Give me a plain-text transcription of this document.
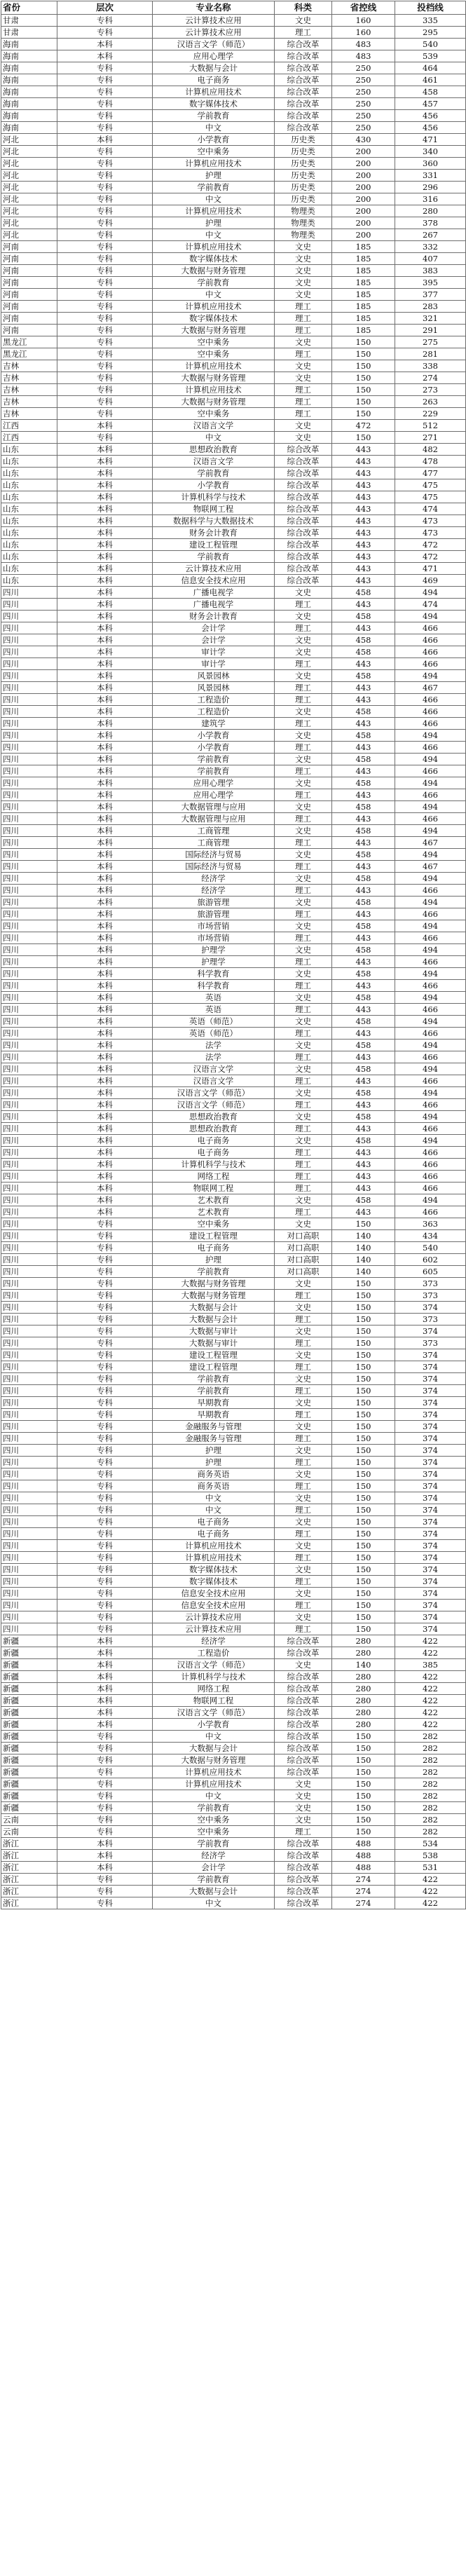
省份	层次	专业名称	科类	省控线	投档线
甘肃	专科	云计算技术应用	文史	160	335
甘肃	专科	云计算技术应用	理工	160	295
海南	本科	汉语言文学（师范）	综合改革	483	540
海南	本科	应用心理学	综合改革	483	539
海南	专科	大数据与会计	综合改革	250	464
海南	专科	电子商务	综合改革	250	461
海南	专科	计算机应用技术	综合改革	250	458
海南	专科	数字媒体技术	综合改革	250	457
海南	专科	学前教育	综合改革	250	456
海南	专科	中文	综合改革	250	456
河北	本科	小学教育	历史类	430	471
河北	专科	空中乘务	历史类	200	340
河北	专科	计算机应用技术	历史类	200	360
河北	专科	护理	历史类	200	331
河北	专科	学前教育	历史类	200	296
河北	专科	中文	历史类	200	316
河北	专科	计算机应用技术	物理类	200	280
河北	专科	护理	物理类	200	378
河北	专科	中文	物理类	200	267
河南	专科	计算机应用技术	文史	185	332
河南	专科	数字媒体技术	文史	185	407
河南	专科	大数据与财务管理	文史	185	383
河南	专科	学前教育	文史	185	395
河南	专科	中文	文史	185	377
河南	专科	计算机应用技术	理工	185	283
河南	专科	数字媒体技术	理工	185	321
河南	专科	大数据与财务管理	理工	185	291
黑龙江	专科	空中乘务	文史	150	275
黑龙江	专科	空中乘务	理工	150	281
吉林	专科	计算机应用技术	文史	150	338
吉林	专科	大数据与财务管理	文史	150	274
吉林	专科	计算机应用技术	理工	150	273
吉林	专科	大数据与财务管理	理工	150	263
吉林	专科	空中乘务	理工	150	229
江西	本科	汉语言文学	文史	472	512
江西	专科	中文	文史	150	271
山东	本科	思想政治教育	综合改革	443	482
山东	本科	汉语言文学	综合改革	443	478
山东	本科	学前教育	综合改革	443	477
山东	本科	小学教育	综合改革	443	475
山东	本科	计算机科学与技术	综合改革	443	475
山东	本科	物联网工程	综合改革	443	474
山东	本科	数据科学与大数据技术	综合改革	443	473
山东	本科	财务会计教育	综合改革	443	473
山东	本科	建设工程管理	综合改革	443	472
山东	本科	学前教育	综合改革	443	472
山东	本科	云计算技术应用	综合改革	443	471
山东	本科	信息安全技术应用	综合改革	443	469
四川	本科	广播电视学	文史	458	494
四川	本科	广播电视学	理工	443	474
四川	本科	财务会计教育	文史	458	494
四川	本科	会计学	理工	443	466
四川	本科	会计学	文史	458	466
四川	本科	审计学	文史	458	466
四川	本科	审计学	理工	443	466
四川	本科	风景园林	文史	458	494
四川	本科	风景园林	理工	443	467
四川	本科	工程造价	理工	443	466
四川	本科	工程造价	文史	458	466
四川	本科	建筑学	理工	443	466
四川	本科	小学教育	文史	458	494
四川	本科	小学教育	理工	443	466
四川	本科	学前教育	文史	458	494
四川	本科	学前教育	理工	443	466
四川	本科	应用心理学	文史	458	494
四川	本科	应用心理学	理工	443	466
四川	本科	大数据管理与应用	文史	458	494
四川	本科	大数据管理与应用	理工	443	466
四川	本科	工商管理	文史	458	494
四川	本科	工商管理	理工	443	467
四川	本科	国际经济与贸易	文史	458	494
四川	本科	国际经济与贸易	理工	443	467
四川	本科	经济学	文史	458	494
四川	本科	经济学	理工	443	466
四川	本科	旅游管理	文史	458	494
四川	本科	旅游管理	理工	443	466
四川	本科	市场营销	文史	458	494
四川	本科	市场营销	理工	443	466
四川	本科	护理学	文史	458	494
四川	本科	护理学	理工	443	466
四川	本科	科学教育	文史	458	494
四川	本科	科学教育	理工	443	466
四川	本科	英语	文史	458	494
四川	本科	英语	理工	443	466
四川	本科	英语（师范）	文史	458	494
四川	本科	英语（师范）	理工	443	466
四川	本科	法学	文史	458	494
四川	本科	法学	理工	443	466
四川	本科	汉语言文学	文史	458	494
四川	本科	汉语言文学	理工	443	466
四川	本科	汉语言文学（师范）	文史	458	494
四川	本科	汉语言文学（师范）	理工	443	466
四川	本科	思想政治教育	文史	458	494
四川	本科	思想政治教育	理工	443	466
四川	本科	电子商务	文史	458	494
四川	本科	电子商务	理工	443	466
四川	本科	计算机科学与技术	理工	443	466
四川	本科	网络工程	理工	443	466
四川	本科	物联网工程	理工	443	466
四川	本科	艺术教育	文史	458	494
四川	本科	艺术教育	理工	443	466
四川	专科	空中乘务	文史	150	363
四川	专科	建设工程管理	对口高职	140	434
四川	专科	电子商务	对口高职	140	540
四川	专科	护理	对口高职	140	602
四川	专科	学前教育	对口高职	140	605
四川	专科	大数据与财务管理	文史	150	373
四川	专科	大数据与财务管理	理工	150	373
四川	专科	大数据与会计	文史	150	374
四川	专科	大数据与会计	理工	150	373
四川	专科	大数据与审计	文史	150	374
四川	专科	大数据与审计	理工	150	373
四川	专科	建设工程管理	文史	150	374
四川	专科	建设工程管理	理工	150	374
四川	专科	学前教育	文史	150	374
四川	专科	学前教育	理工	150	374
四川	专科	早期教育	文史	150	374
四川	专科	早期教育	理工	150	374
四川	专科	金融服务与管理	文史	150	374
四川	专科	金融服务与管理	理工	150	374
四川	专科	护理	文史	150	374
四川	专科	护理	理工	150	374
四川	专科	商务英语	文史	150	374
四川	专科	商务英语	理工	150	374
四川	专科	中文	文史	150	374
四川	专科	中文	理工	150	374
四川	专科	电子商务	文史	150	374
四川	专科	电子商务	理工	150	374
四川	专科	计算机应用技术	文史	150	374
四川	专科	计算机应用技术	理工	150	374
四川	专科	数字媒体技术	文史	150	374
四川	专科	数字媒体技术	理工	150	374
四川	专科	信息安全技术应用	文史	150	374
四川	专科	信息安全技术应用	理工	150	374
四川	专科	云计算技术应用	文史	150	374
四川	专科	云计算技术应用	理工	150	374
新疆	本科	经济学	综合改革	280	422
新疆	本科	工程造价	综合改革	280	422
新疆	本科	汉语言文学（师范）	文史	140	385
新疆	本科	计算机科学与技术	综合改革	280	422
新疆	本科	网络工程	综合改革	280	422
新疆	本科	物联网工程	综合改革	280	422
新疆	本科	汉语言文学（师范）	综合改革	280	422
新疆	本科	小学教育	综合改革	280	422
新疆	专科	中文	综合改革	150	282
新疆	专科	大数据与会计	综合改革	150	282
新疆	专科	大数据与财务管理	综合改革	150	282
新疆	专科	计算机应用技术	综合改革	150	282
新疆	专科	计算机应用技术	文史	150	282
新疆	专科	中文	文史	150	282
新疆	专科	学前教育	文史	150	282
云南	专科	空中乘务	文史	150	282
云南	专科	空中乘务	理工	150	282
浙江	本科	学前教育	综合改革	488	534
浙江	本科	经济学	综合改革	488	538
浙江	本科	会计学	综合改革	488	531
浙江	专科	学前教育	综合改革	274	422
浙江	专科	大数据与会计	综合改革	274	422
浙江	专科	中文	综合改革	274	422
